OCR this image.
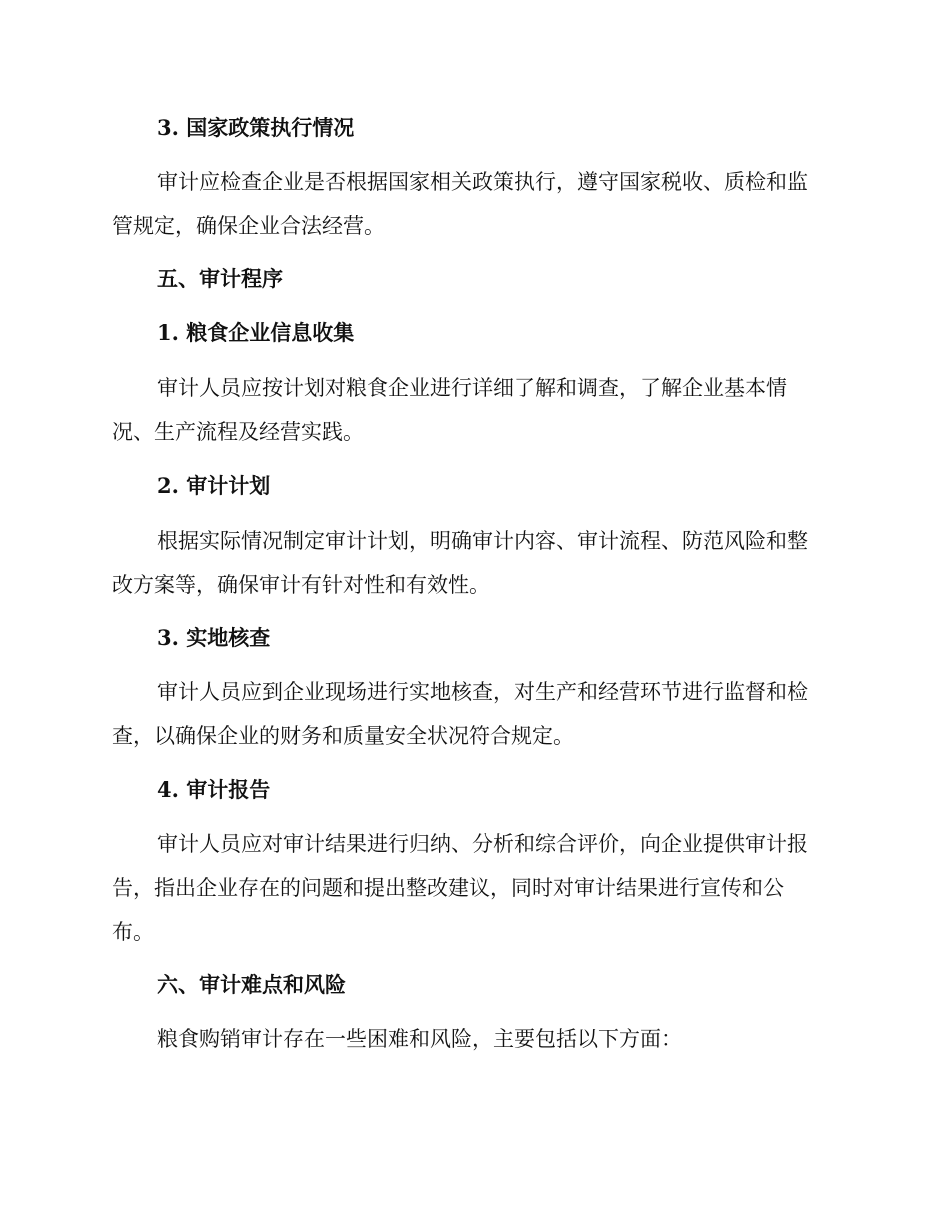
3. 国家政策执行情况

审计应检查企业是否根据国家相关政策执行，遵守国家税收、质检和监
管规定，确保企业合法经营。

五、审计程序
1. 粮食企业信息收集

审计人员应按计划对粮食企业进行详细了解和调查，了解企业基本情
况、生产流程及经营实践。

2. 审计计划

根据实际情况制定审计计划，明确审计内容、审计流程、防范风险和整
改方案等，确保审计有针对性和有效性。

3. 实地核查

审计人员应到企业现场进行实地核查，对生产和经营环节进行监督和检
查，以确保企业的财务和质量安全状况符合规定。

4. 审计报告

审计人员应对审计结果进行归纳、分析和综合评价，向企业提供审计报
告，指出企业存在的问题和提出整改建议，同时对审计结果进行宣传和公
布。

六、审计难点和风险

粮食购销审计存在一些困难和风险，主要包括以下方面：
